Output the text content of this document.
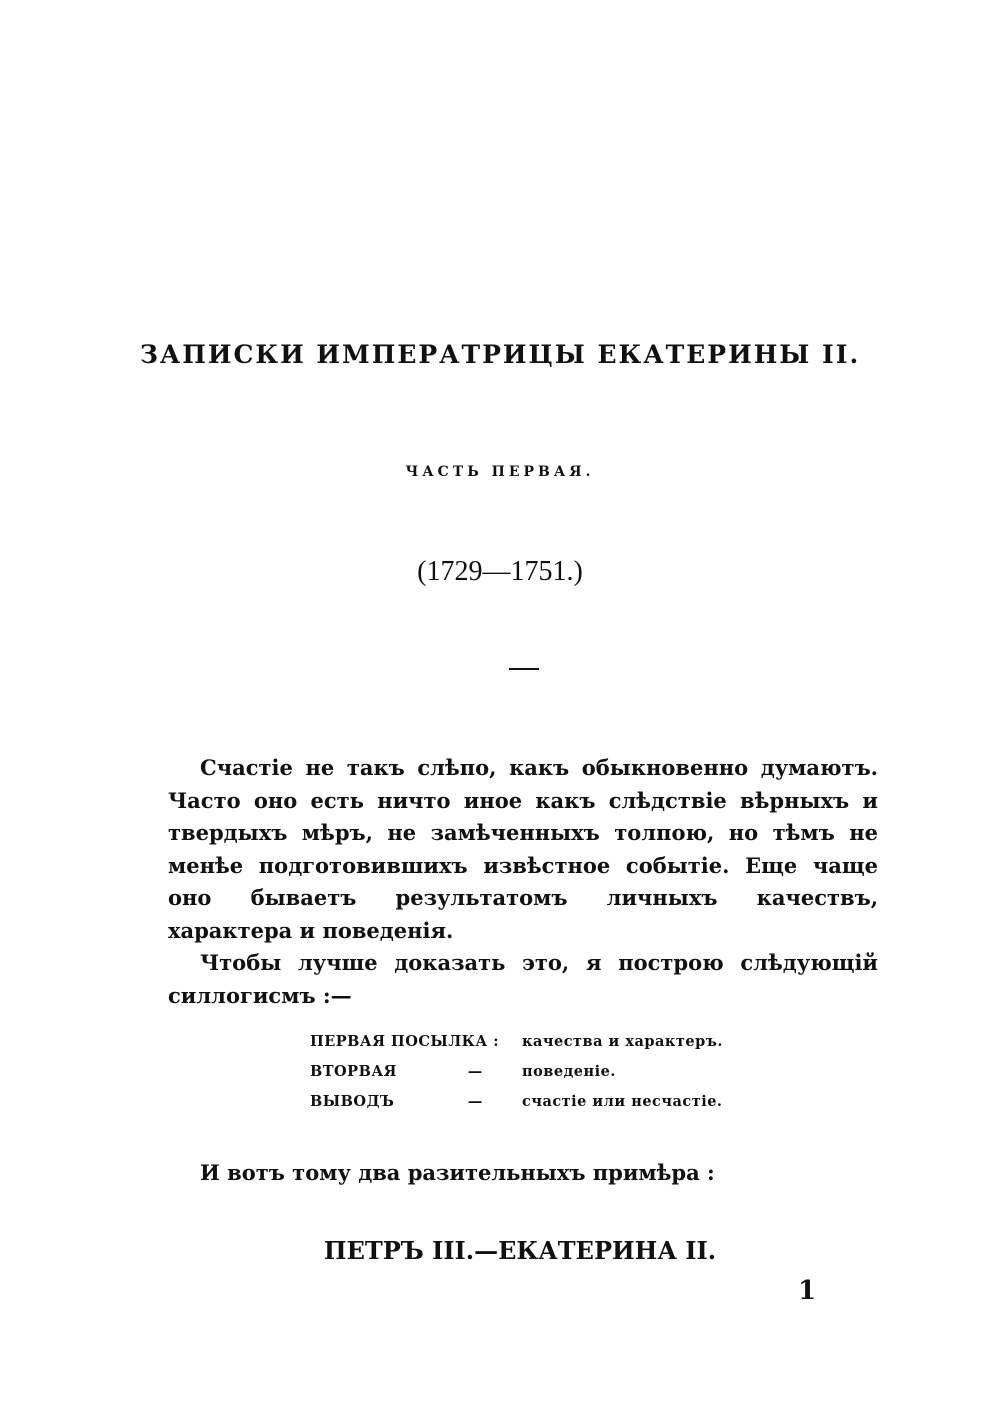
ЗАПИСКИ ИМПЕРАТРИЦЫ ЕКАТЕРИНЫ II.
ЧАСТЬ ПЕРВАЯ.
(1729—1751.)

Счастіе не такъ слѣпо, какъ обыкновенно думаютъ. Часто оно есть ничто иное какъ слѣдствіе вѣрныхъ и твердыхъ мѣръ, не замѣченныхъ толпою, но тѣмъ не менѣе подготовившихъ извѣстное событіе. Еще чаще оно бываетъ результатомъ личныхъ качествъ, характера и поведенія.

Чтобы лучше доказать это, я построю слѣдующій силлогисмъ :—

ПЕРВАЯ ПОСЫЛКА :	качества и характеръ.
ВТОРВАЯ	—	поведеніе.
ВЫВОДЪ	—	счастіе или несчастіе.
И вотъ тому два разительныхъ примѣра :
ПЕТРЪ III.—ЕКАТЕРИНА II.
1
